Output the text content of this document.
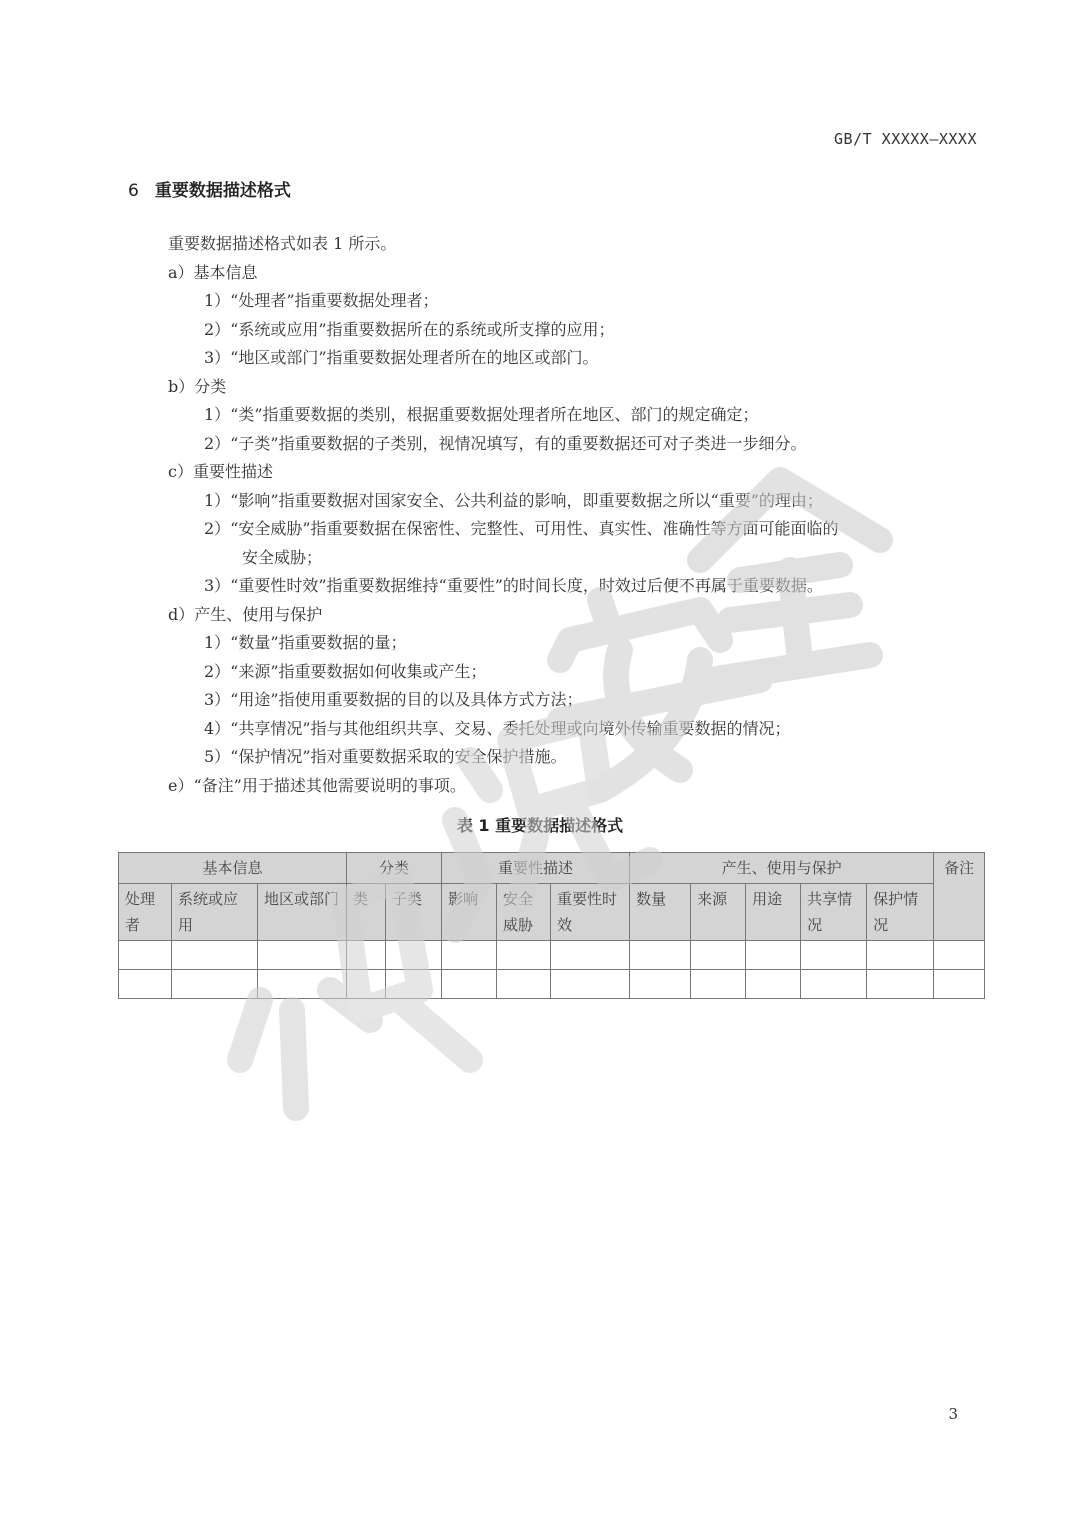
GB/T XXXXX—XXXX
6 重要数据描述格式
重要数据描述格式如表 1 所示。
a）基本信息
1）“处理者”指重要数据处理者；
2）“系统或应用”指重要数据所在的系统或所支撑的应用；
3）“地区或部门”指重要数据处理者所在的地区或部门。
b）分类
1）“类”指重要数据的类别，根据重要数据处理者所在地区、部门的规定确定；
2）“子类”指重要数据的子类别，视情况填写，有的重要数据还可对子类进一步细分。
c）重要性描述
1）“影响”指重要数据对国家安全、公共利益的影响，即重要数据之所以“重要”的理由；
2）“安全威胁”指重要数据在保密性、完整性、可用性、真实性、准确性等方面可能面临的
安全威胁；
3）“重要性时效”指重要数据维持“重要性”的时间长度，时效过后便不再属于重要数据。
d）产生、使用与保护
1）“数量”指重要数据的量；
2）“来源”指重要数据如何收集或产生；
3）“用途”指使用重要数据的目的以及具体方式方法；
4）“共享情况”指与其他组织共享、交易、委托处理或向境外传输重要数据的情况；
5）“保护情况”指对重要数据采取的安全保护措施。
e）“备注”用于描述其他需要说明的事项。
表 1 重要数据描述格式
基本信息			分类		重要性描述			产生、使用与保护					备注
处理者	系统或应用	地区或部门	类	子类	影响	安全威胁	重要性时效	数量	来源	用途	共享情况	保护情况	

3
